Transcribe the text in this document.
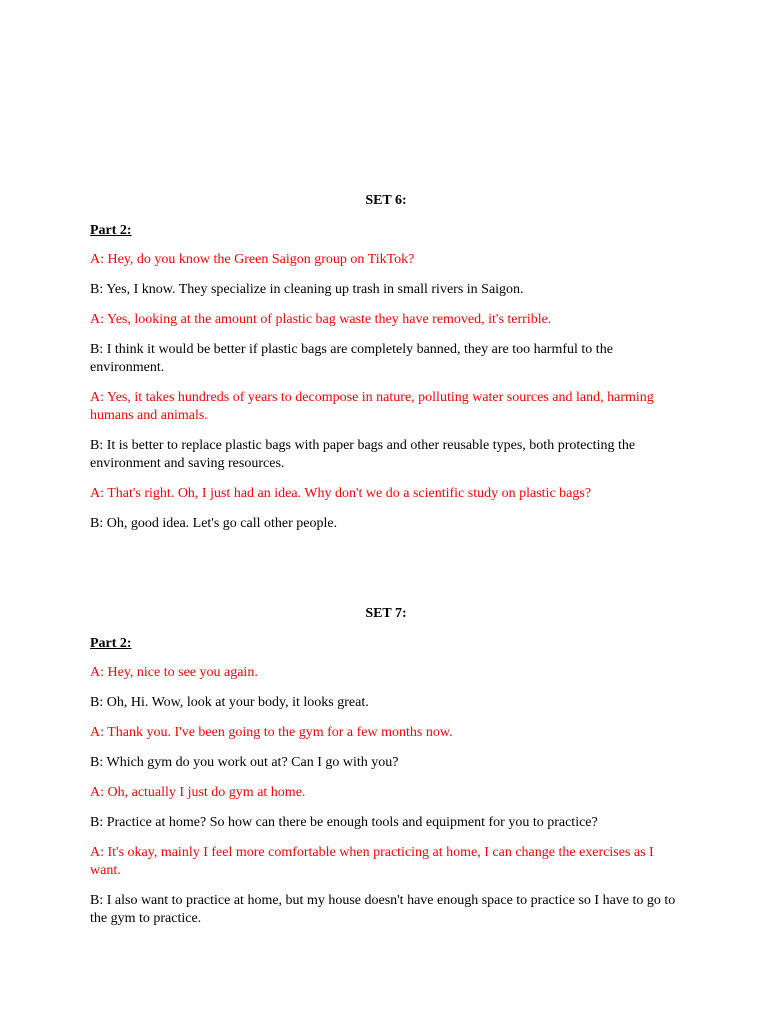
SET 6:
Part 2:
A: Hey, do you know the Green Saigon group on TikTok?
B: Yes, I know. They specialize in cleaning up trash in small rivers in Saigon.
A: Yes, looking at the amount of plastic bag waste they have removed, it's terrible.
B: I think it would be better if plastic bags are completely banned, they are too harmful to the environment.
A: Yes, it takes hundreds of years to decompose in nature, polluting water sources and land, harming humans and animals.
B: It is better to replace plastic bags with paper bags and other reusable types, both protecting the environment and saving resources.
A: That's right. Oh, I just had an idea. Why don't we do a scientific study on plastic bags?
B: Oh, good idea. Let's go call other people.
SET 7:
Part 2:
A: Hey, nice to see you again.
B: Oh, Hi. Wow, look at your body, it looks great.
A: Thank you. I've been going to the gym for a few months now.
B: Which gym do you work out at? Can I go with you?
A: Oh, actually I just do gym at home.
B: Practice at home? So how can there be enough tools and equipment for you to practice?
A: It's okay, mainly I feel more comfortable when practicing at home, I can change the exercises as I want.
B: I also want to practice at home, but my house doesn't have enough space to practice so I have to go to the gym to practice.
